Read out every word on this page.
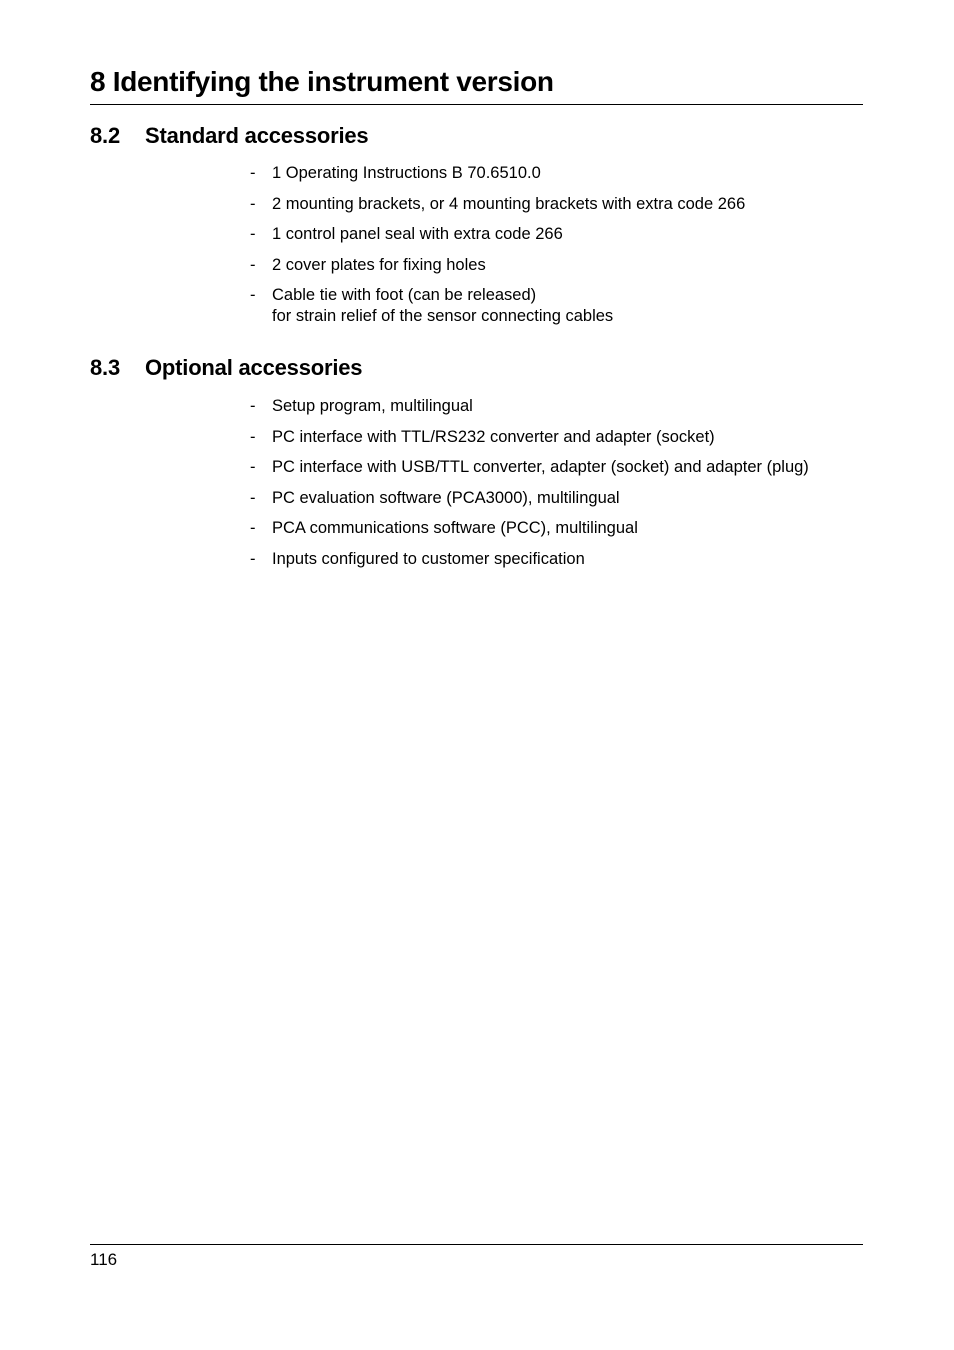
8 Identifying the instrument version
8.2 Standard accessories
- 1 Operating Instructions B 70.6510.0
- 2 mounting brackets, or 4 mounting brackets with extra code 266
- 1 control panel seal with extra code 266
- 2 cover plates for fixing holes
- Cable tie with foot (can be released)
for strain relief of the sensor connecting cables
8.3 Optional accessories
- Setup program, multilingual
- PC interface with TTL/RS232 converter and adapter (socket)
- PC interface with USB/TTL converter, adapter (socket) and adapter (plug)
- PC evaluation software (PCA3000), multilingual
- PCA communications software (PCC), multilingual
- Inputs configured to customer specification
116
